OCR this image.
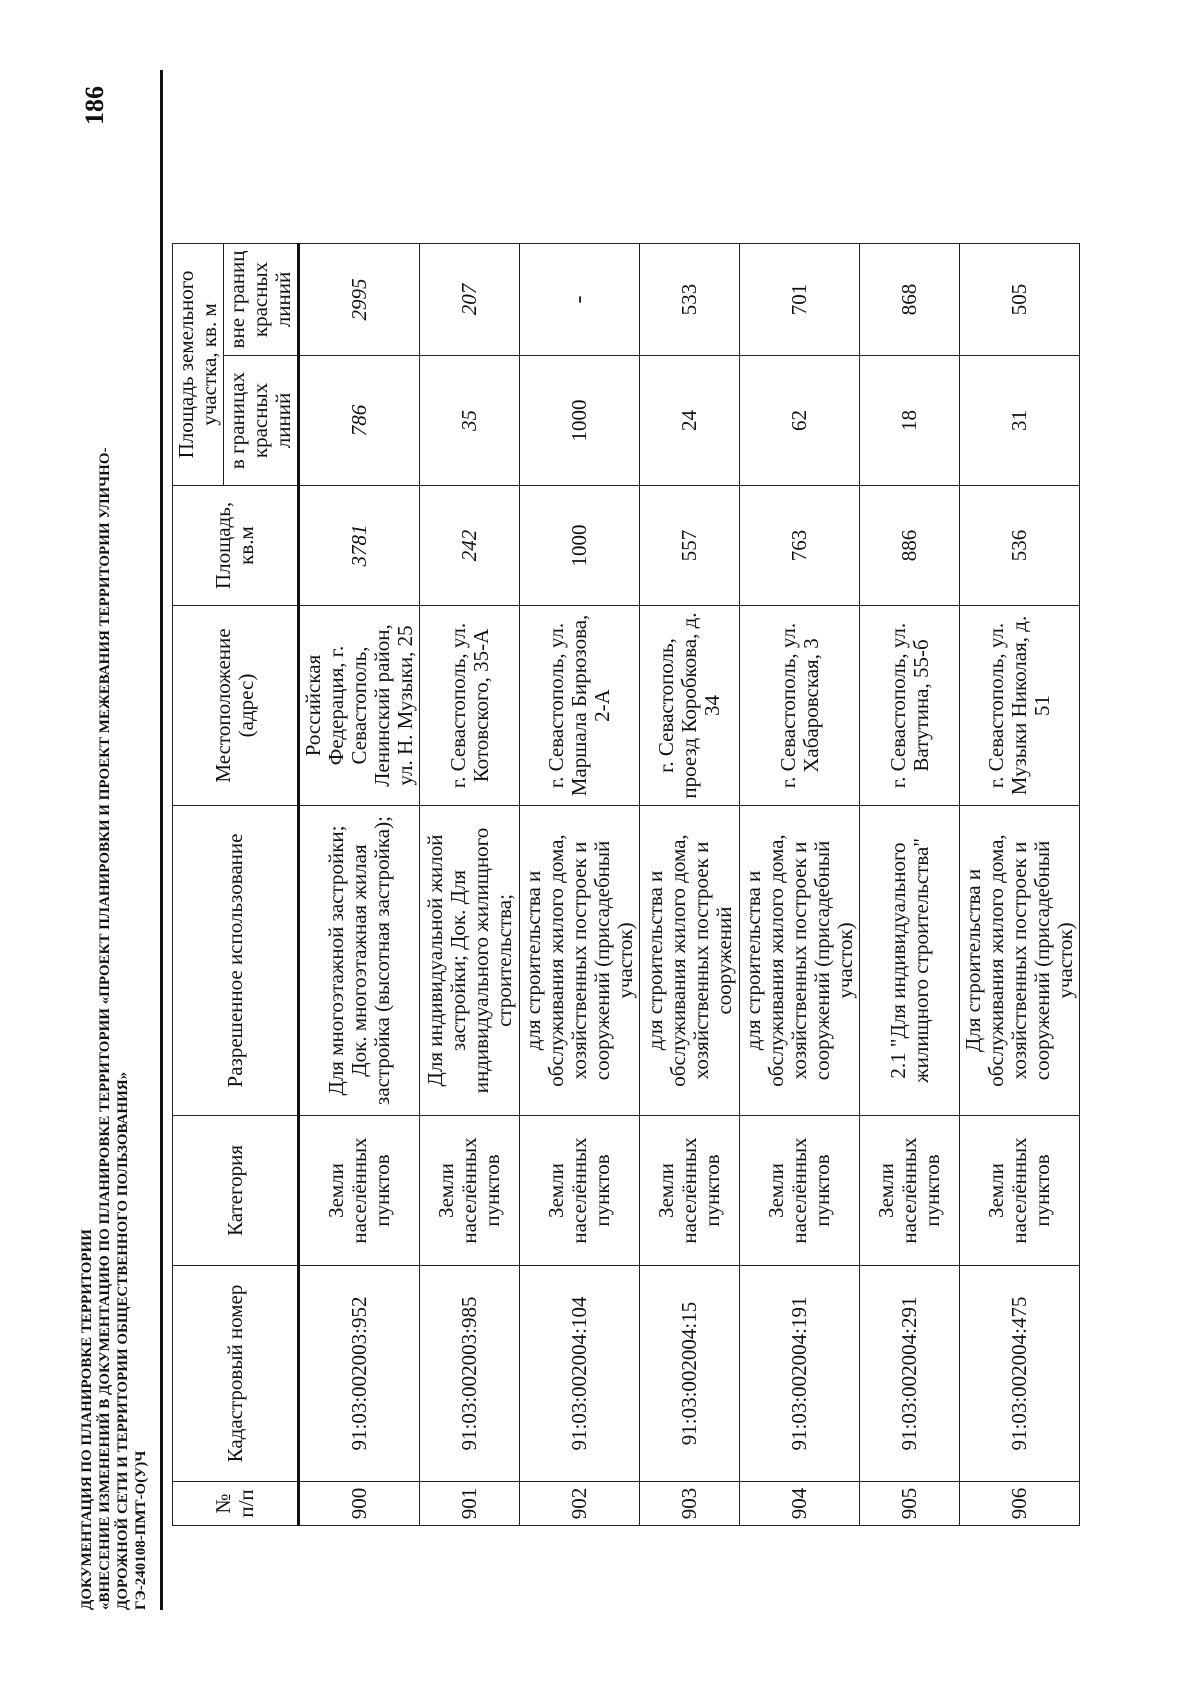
186
ДОКУМЕНТАЦИЯ ПО ПЛАНИРОВКЕ ТЕРРИТОРИИ «ВНЕСЕНИЕ ИЗМЕНЕНИЙ В ДОКУМЕНТАЦИЮ ПО ПЛАНИРОВКЕ ТЕРРИТОРИИ «ПРОЕКТ ПЛАНИРОВКИ И ПРОЕКТ МЕЖЕВАНИЯ ТЕРРИТОРИИ УЛИЧНО- ДОРОЖНОЙ СЕТИ И ТЕРРИТОРИИ ОБЩЕСТВЕННОГО ПОЛЬЗОВАНИЯ» ГЭ-240108-ПМТ-О(У)Ч	№ п/п	Кадастровый номер	Категория	Разрешенное использование	Местоположение (адрес)	Площадь, кв.м	Площадь земельного участка, кв. м	
						в границах красных линий	вне границ красных линий
900	91:03:002003:952	Земли населённых пунктов	Для многоэтажной застройки; Док. многоэтажная жилая застройка (высотная застройка);	Российская Федерация, г. Севастополь, Ленинский район, ул. Н. Музыки, 25	3781	786	2995
901	91:03:002003:985	Земли населённых пунктов	Для индивидуальной жилой застройки; Док. Для индивидуального жилищного строительства;	г. Севастополь, ул. Котовского, 35-А	242	35	207
902	91:03:002004:104	Земли населённых пунктов	для строительства и обслуживания жилого дома, хозяйственных построек и сооружений (присадебный участок)	г. Севастополь, ул. Маршала Бирюзова, 2-А	1000	1000	-
903	91:03:002004:15	Земли населённых пунктов	для строительства и обслуживания жилого дома, хозяйственных построек и сооружений	г. Севастополь, проезд Коробкова, д. 34	557	24	533
904	91:03:002004:191	Земли населённых пунктов	для строительства и обслуживания жилого дома, хозяйственных построек и сооружений (присадебный участок)	г. Севастополь, ул. Хабаровская, 3	763	62	701
905	91:03:002004:291	Земли населённых пунктов	2.1 "Для индивидуального жилищного строительства"	г. Севастополь, ул. Ватутина, 55-б	886	18	868
906	91:03:002004:475	Земли населённых пунктов	Для строительства и обслуживания жилого дома, хозяйственных построек и сооружений (присадебный участок)	г. Севастополь, ул. Музыки Николая, д. 51	536	31	505
